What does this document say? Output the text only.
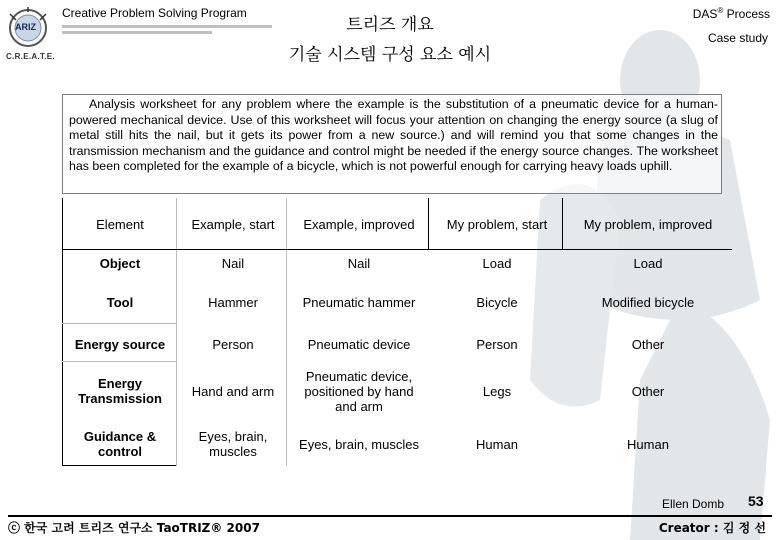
ARIZ
C.R.E.A.T.E.
Creative Problem Solving Program
트리즈 개요
기술 시스템 구성 요소 예시
DAS® Process
Case study
Analysis worksheet for any problem where the example is the substitution of a pneumatic device for a human-powered mechanical device. Use of this worksheet will focus your attention on changing the energy source (a slug of metal still hits the nail, but it gets its power from a new source.) and will remind you that some changes in the transmission mechanism and the guidance and control might be needed if the energy source changes. The worksheet has been completed for the example of a bicycle, which is not powerful enough for carrying heavy loads uphill.
Element	Example, start	Example, improved	My problem, start	My problem, improved
Object	Nail	Nail	Load	Load
Tool	Hammer	Pneumatic hammer	Bicycle	Modified bicycle
Energy source	Person	Pneumatic device	Person	Other
Energy Transmission	Hand and arm	Pneumatic device, positioned by hand and arm	Legs	Other
Guidance & control	Eyes, brain, muscles	Eyes, brain, muscles	Human	Human
Ellen Domb 53
ⓒ 한국 고려 트리즈 연구소 TaoTRIZ® 2007	Creator : 김 정 선
